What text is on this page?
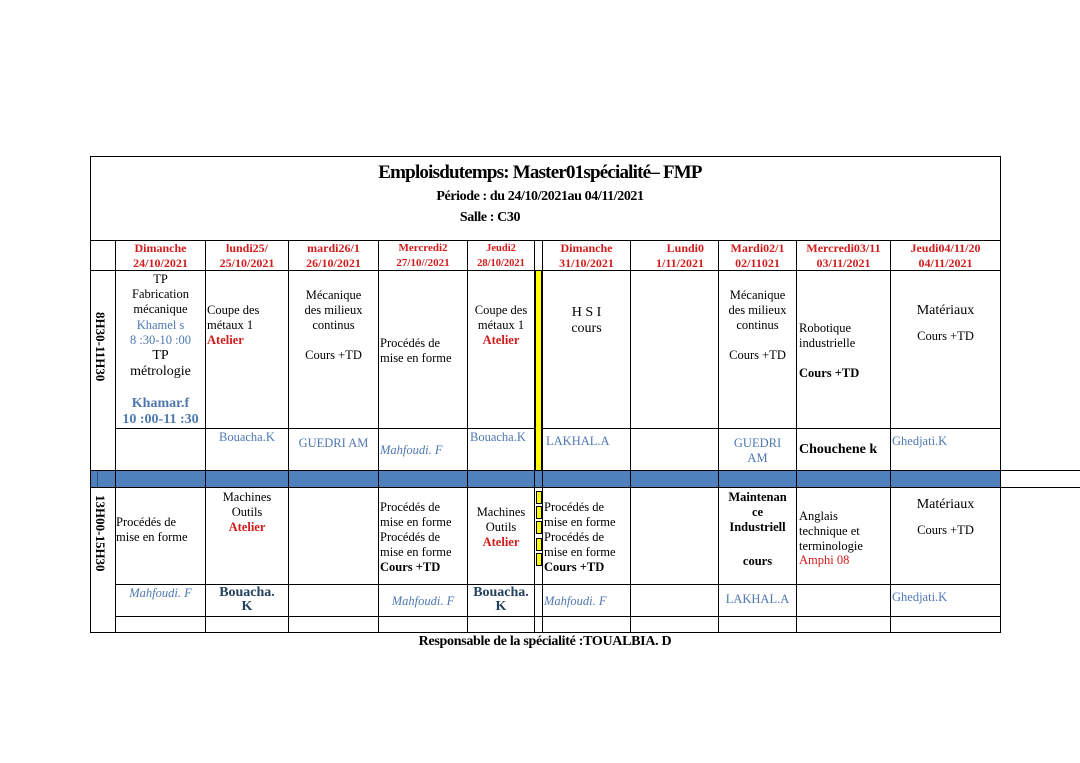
Emploisdutemps: Master01spécialité– FMP
Période : du 24/10/2021au 04/11/2021
Salle : C30
Dimanche
24/10/2021
lundi25/
25/10/2021
mardi26/1
26/10/2021
Mercredi2
27/10//2021
Jeudi2
28/10/2021
Dimanche
31/10/2021
Lundi0
1/11/2021
Mardi02/1
02/11021
Mercredi03/11
03/11/2021
Jeudi04/11/20
04/11/2021
8H30-11H30
13H00-15H30
TP
Fabrication
mécanique
Khamel s
8 :30-10 :00
TP
métrologie
Khamar.f
10 :00-11 :30
Coupe des
métaux 1
Atelier
Bouacha.K
Mécanique
des milieux
continus
Cours +TD
GUEDRI AM
Procédés de
mise en forme
Mahfoudi. F
Coupe des
métaux 1
Atelier
Bouacha.K
H S I
cours
LAKHAL.A
Mécanique
des milieux
continus
Cours +TD
GUEDRI
AM
Robotique
industrielle
Cours +TD
Chouchene k
Matériaux
Cours +TD
Ghedjati.K
Procédés de
mise en forme
Mahfoudi. F
Machines
Outils
Atelier
Bouacha.
K
Procédés de
mise en forme
Procédés de
mise en forme
Cours +TD
Mahfoudi. F
Machines
Outils
Atelier
Bouacha.
K
Procédés de
mise en forme
Procédés de
mise en forme
Cours +TD
Mahfoudi. F
Maintenan
ce
Industriell
cours
LAKHAL.A
Anglais
technique et
terminologie
Amphi 08
Matériaux
Cours +TD
Ghedjati.K
Responsable de la spécialité :TOUALBIA. D
